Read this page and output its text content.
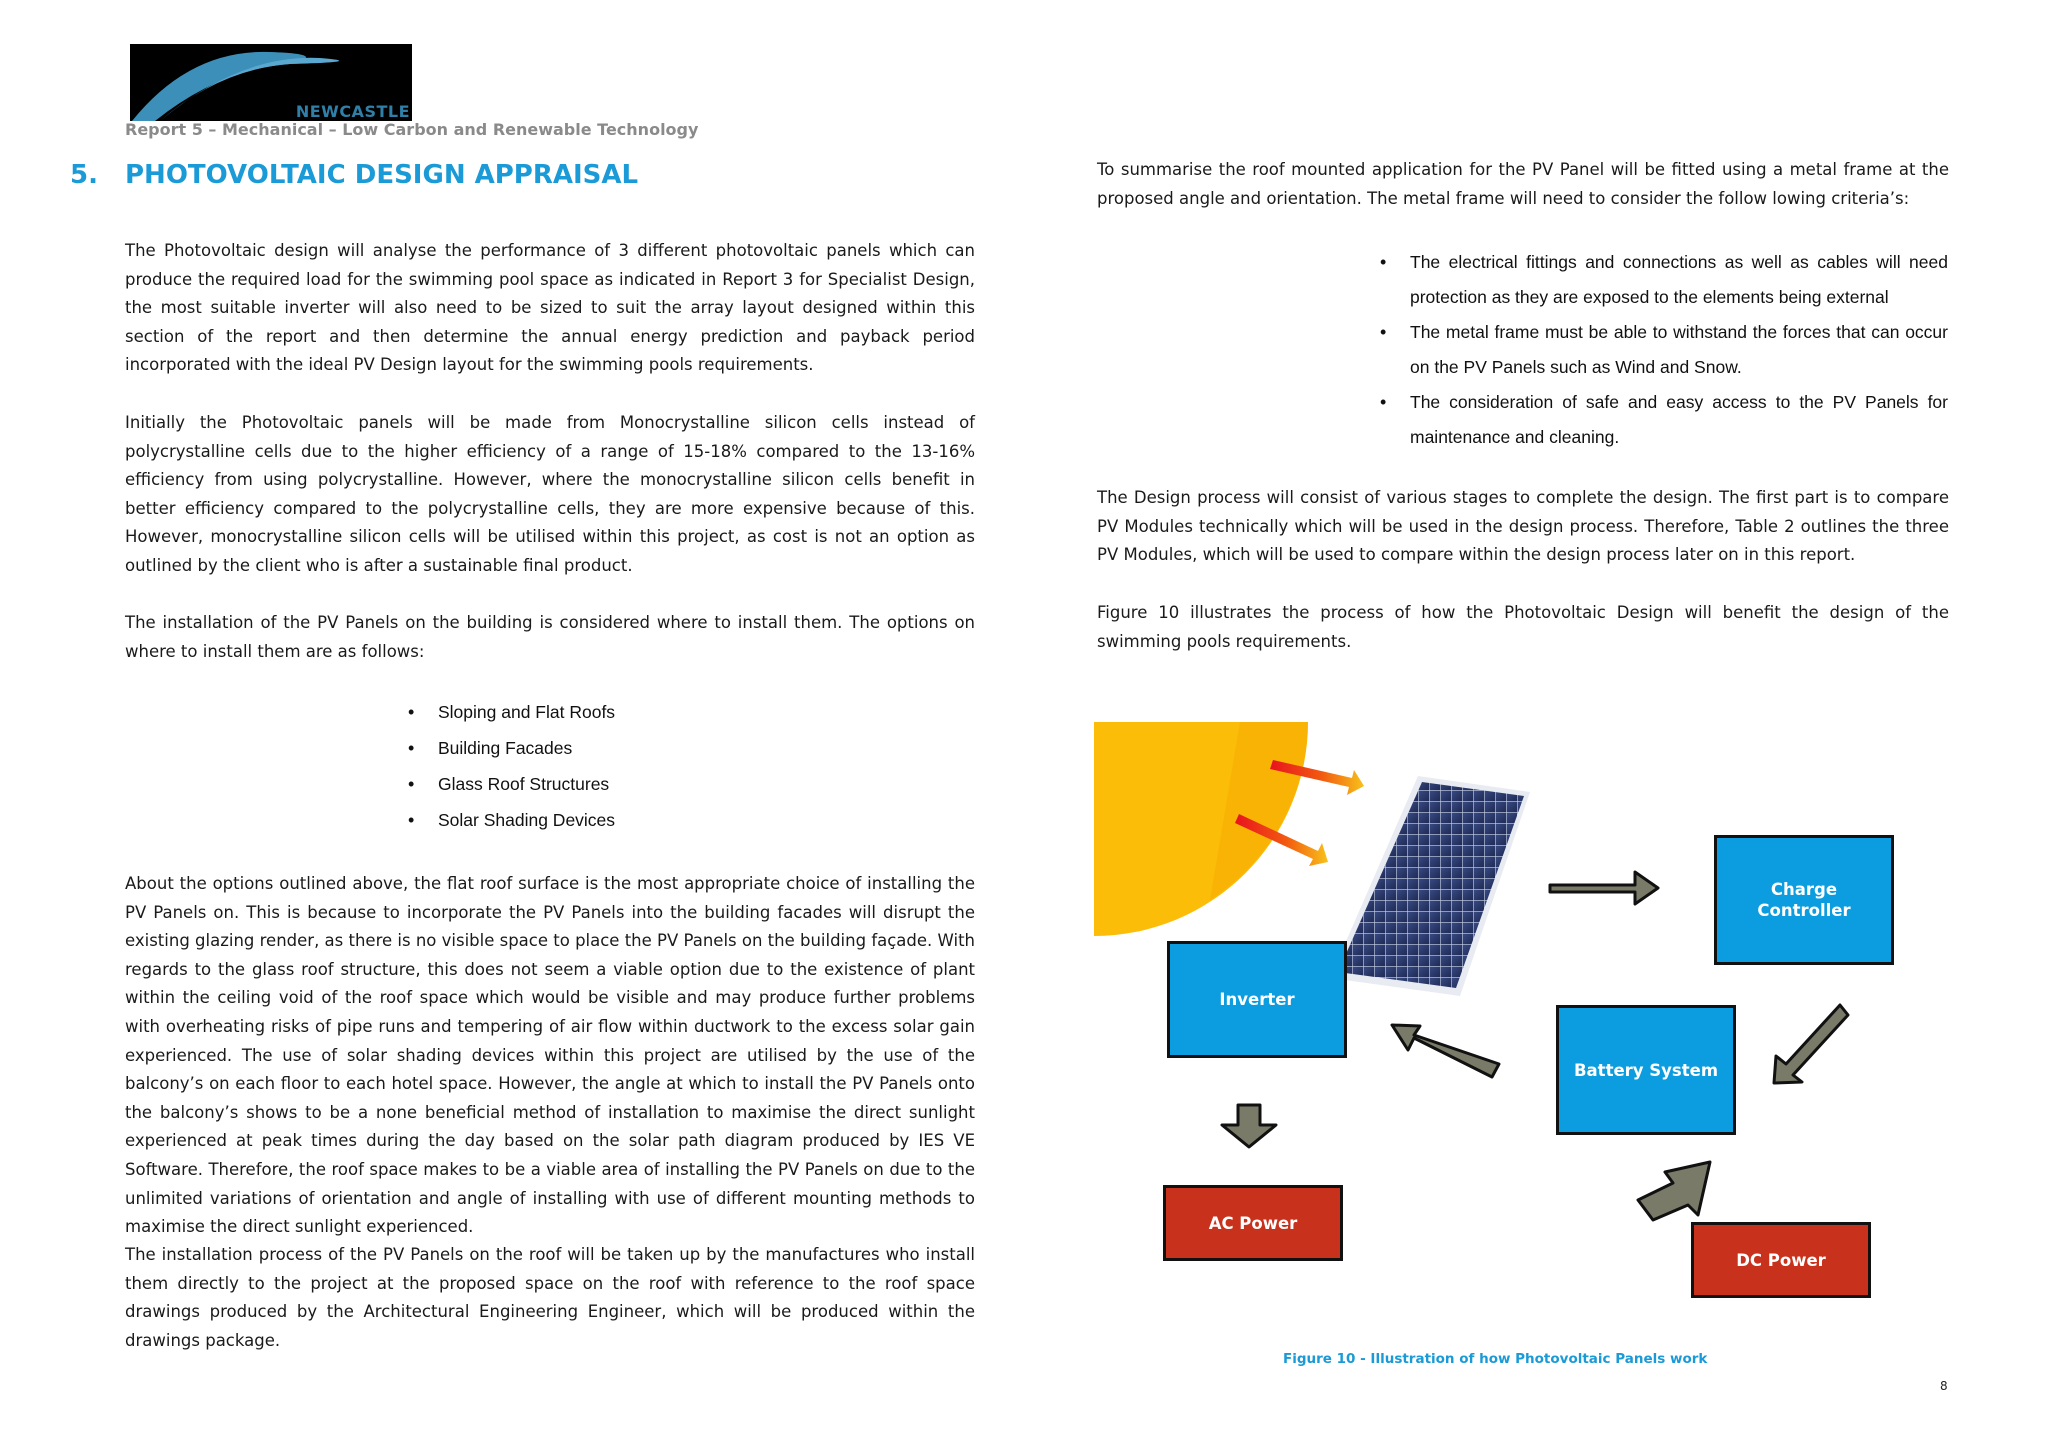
NEWCASTLE
Report 5 – Mechanical – Low Carbon and Renewable Technology
5.	PHOTOVOLTAIC DESIGN APPRAISAL

The Photovoltaic design will analyse the performance of 3 different photovoltaic panels which can produce the required load for the swimming pool space as indicated in Report 3 for Specialist Design, the most suitable inverter will also need to be sized to suit the array layout designed within this section of the report and then determine the annual energy prediction and payback period incorporated with the ideal PV Design layout for the swimming pools requirements.

Initially the Photovoltaic panels will be made from Monocrystalline silicon cells instead of polycrystalline cells due to the higher efficiency of a range of 15-18% compared to the 13-16% efficiency from using polycrystalline. However, where the monocrystalline silicon cells benefit in better efficiency compared to the polycrystalline cells, they are more expensive because of this. However, monocrystalline silicon cells will be utilised within this project, as cost is not an option as outlined by the client who is after a sustainable final product.

The installation of the PV Panels on the building is considered where to install them. The options on where to install them are as follows:

• Sloping and Flat Roofs
• Building Facades
• Glass Roof Structures
• Solar Shading Devices

About the options outlined above, the flat roof surface is the most appropriate choice of installing the PV Panels on. This is because to incorporate the PV Panels into the building facades will disrupt the existing glazing render, as there is no visible space to place the PV Panels on the building façade. With regards to the glass roof structure, this does not seem a viable option due to the existence of plant within the ceiling void of the roof space which would be visible and may produce further problems with overheating risks of pipe runs and tempering of air flow within ductwork to the excess solar gain experienced. The use of solar shading devices within this project are utilised by the use of the balcony’s on each floor to each hotel space. However, the angle at which to install the PV Panels onto the balcony’s shows to be a none beneficial method of installation to maximise the direct sunlight experienced at peak times during the day based on the solar path diagram produced by IES VE Software. Therefore, the roof space makes to be a viable area of installing the PV Panels on due to the unlimited variations of orientation and angle of installing with use of different mounting methods to maximise the direct sunlight experienced.

The installation process of the PV Panels on the roof will be taken up by the manufactures who install them directly to the project at the proposed space on the roof with reference to the roof space drawings produced by the Architectural Engineering Engineer, which will be produced within the drawings package.

To summarise the roof mounted application for the PV Panel will be fitted using a metal frame at the proposed angle and orientation. The metal frame will need to consider the follow lowing criteria’s:

• The electrical fittings and connections as well as cables will need protection as they are exposed to the elements being external
• The metal frame must be able to withstand the forces that can occur on the PV Panels such as Wind and Snow.
• The consideration of safe and easy access to the PV Panels for maintenance and cleaning.

The Design process will consist of various stages to complete the design. The first part is to compare PV Modules technically which will be used in the design process. Therefore, Table 2 outlines the three PV Modules, which will be used to compare within the design process later on in this report.

Figure 10 illustrates the process of how the Photovoltaic Design will benefit the design of the swimming pools requirements.

Charge Controller
Inverter
Battery System
AC Power
DC Power
Figure 10 - Illustration of how Photovoltaic Panels work
8
